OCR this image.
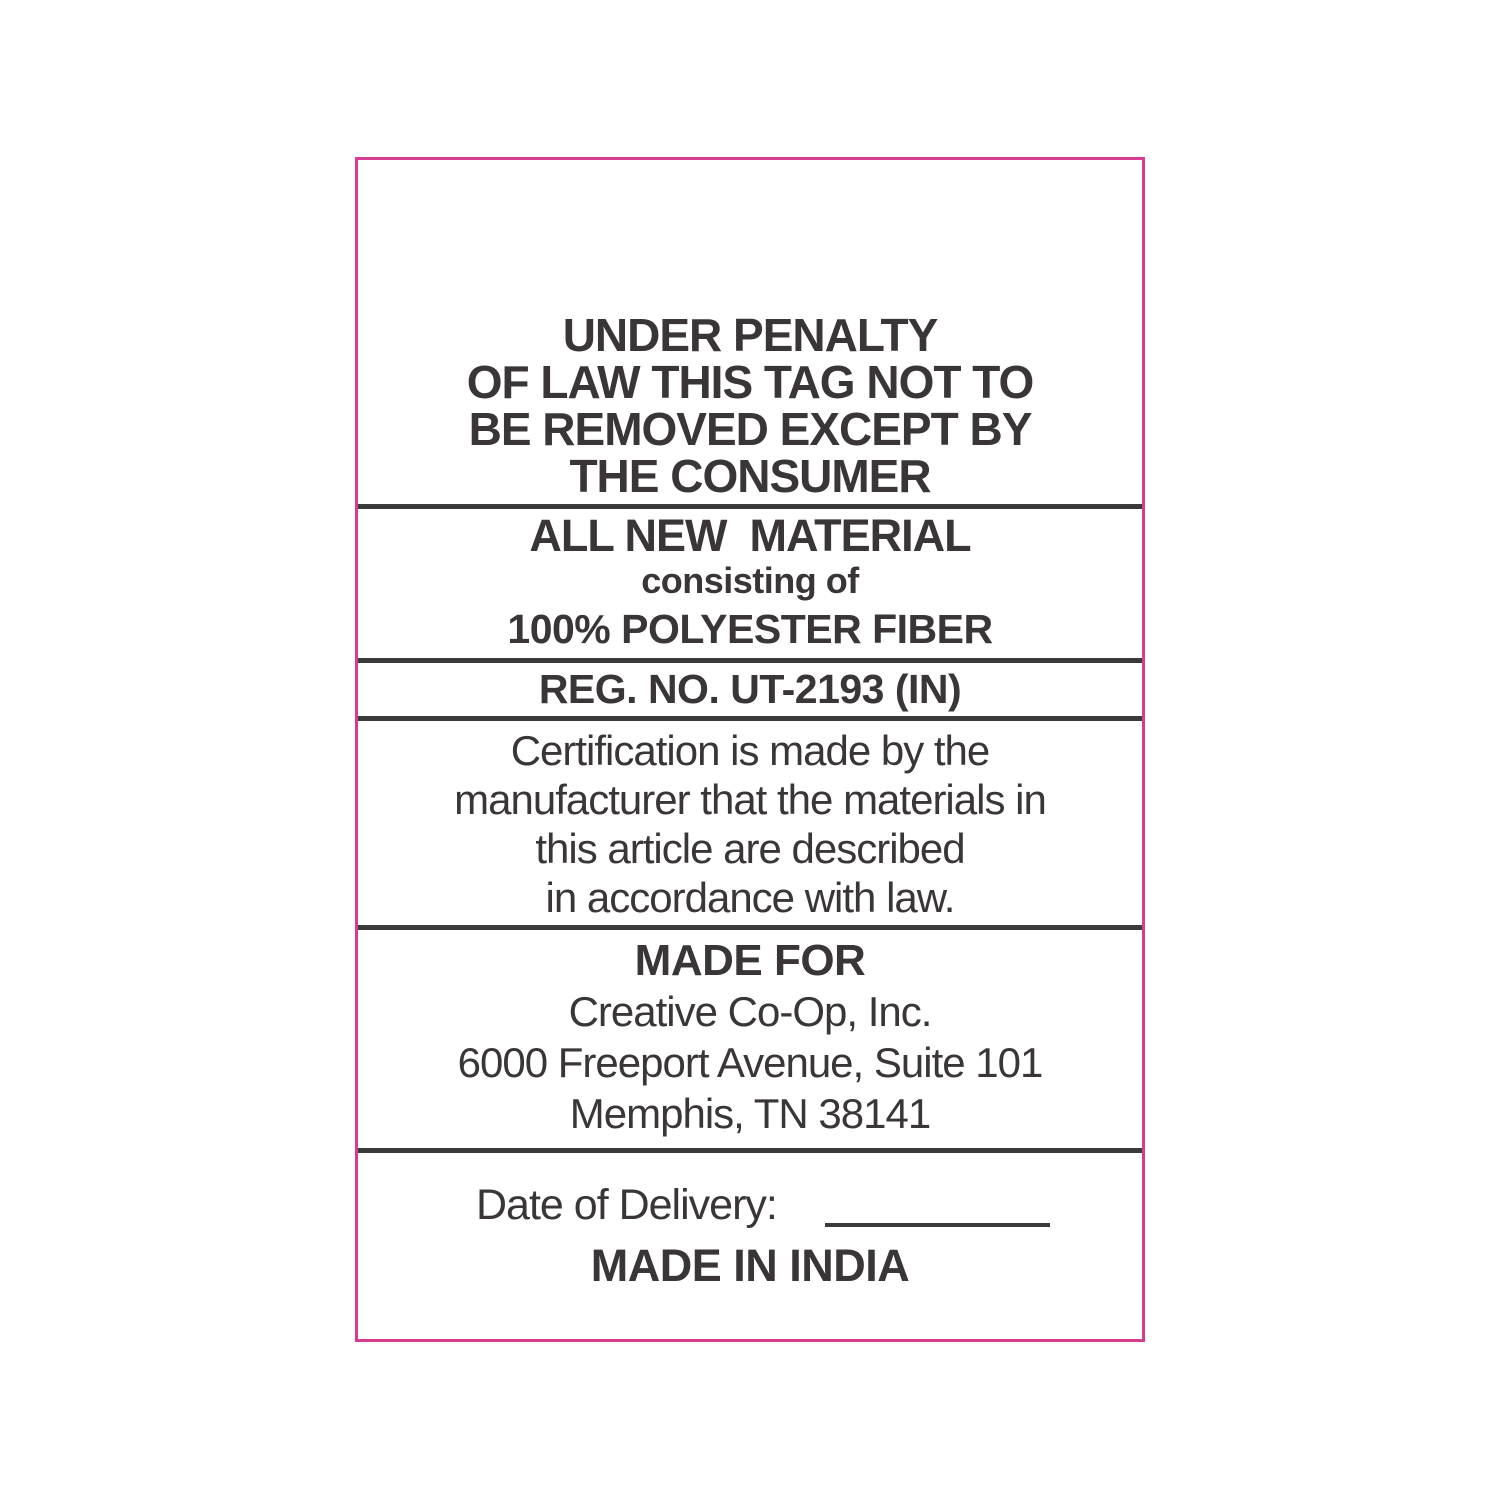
UNDER PENALTY
OF LAW THIS TAG NOT TO
BE REMOVED EXCEPT BY
THE CONSUMER
ALL NEW  MATERIAL
consisting of
100% POLYESTER FIBER
REG. NO. UT-2193 (IN)
Certification is made by the
manufacturer that the materials in
this article are described
in accordance with law.
MADE FOR
Creative Co-Op, Inc.
6000 Freeport Avenue, Suite 101
Memphis, TN 38141
Date of Delivery:
MADE IN INDIA
